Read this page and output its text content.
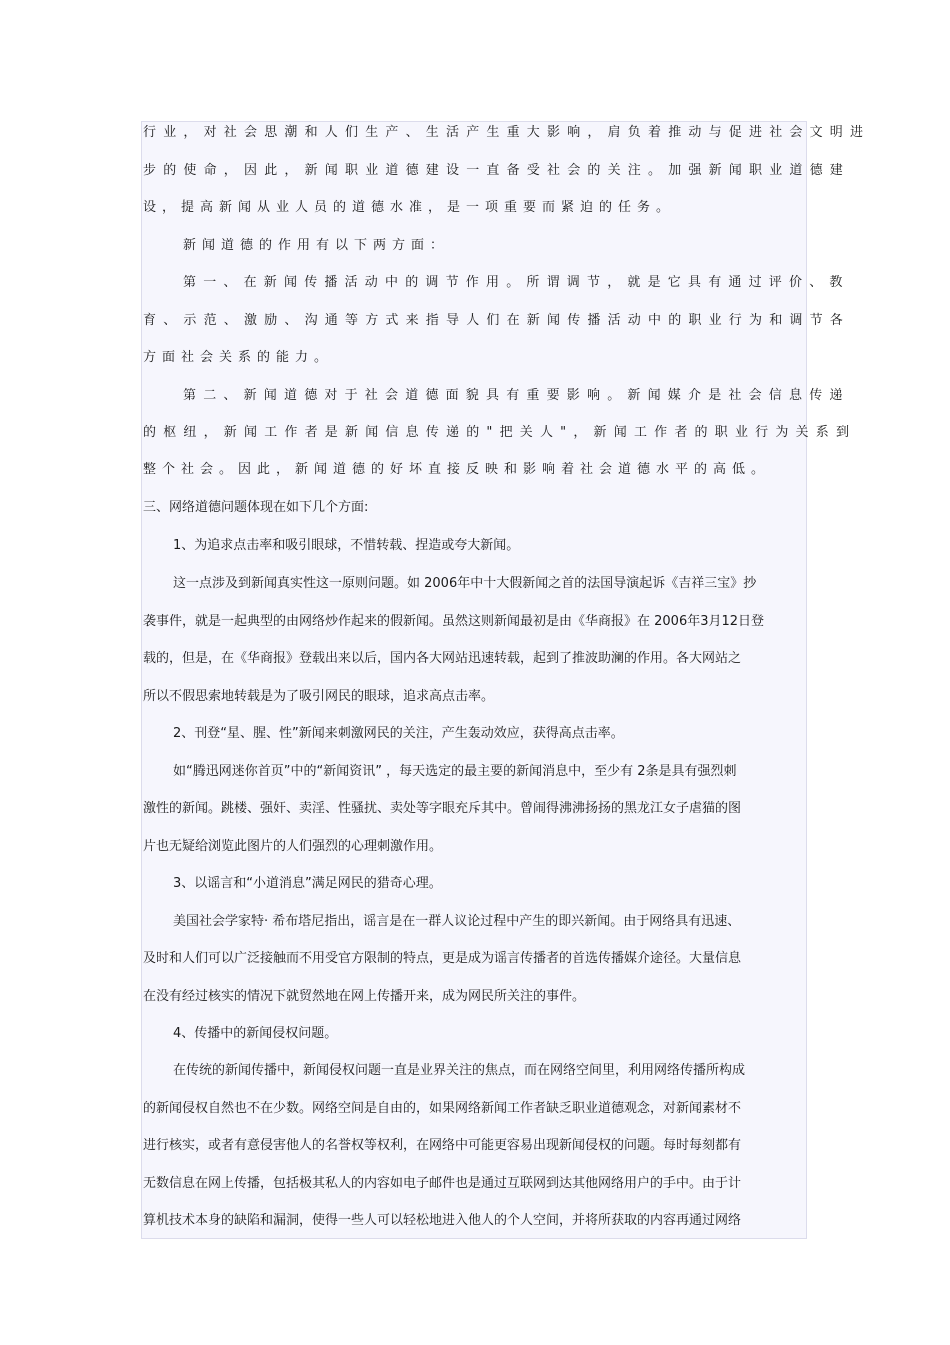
行业，对社会思潮和人们生产、生活产生重大影响，肩负着推动与促进社会文明进
步的使命，因此，新闻职业道德建设一直备受社会的关注。加强新闻职业道德建
设，提高新闻从业人员的道德水准，是一项重要而紧迫的任务。
新闻道德的作用有以下两方面：
第一、在新闻传播活动中的调节作用。所谓调节，就是它具有通过评价、教
育、示范、激励、沟通等方式来指导人们在新闻传播活动中的职业行为和调节各
方面社会关系的能力。
第二、新闻道德对于社会道德面貌具有重要影响。新闻媒介是社会信息传递
的枢纽，新闻工作者是新闻信息传递的"把关人"，新闻工作者的职业行为关系到
整个社会。因此，新闻道德的好坏直接反映和影响着社会道德水平的高低。
三、网络道德问题体现在如下几个方面:
1、为追求点击率和吸引眼球，不惜转载、捏造或夸大新闻。
这一点涉及到新闻真实性这一原则问题。如 2006年中十大假新闻之首的法国导演起诉《吉祥三宝》抄
袭事件，就是一起典型的由网络炒作起来的假新闻。虽然这则新闻最初是由《华商报》在 2006年3月12日登
载的，但是，在《华商报》登载出来以后，国内各大网站迅速转载，起到了推波助澜的作用。各大网站之
所以不假思索地转载是为了吸引网民的眼球，追求高点击率。
2、刊登“星、腥、性”新闻来刺激网民的关注，产生轰动效应，获得高点击率。
如“腾迅网迷你首页”中的“新闻资讯” ，每天选定的最主要的新闻消息中，至少有 2条是具有强烈刺
激性的新闻。跳楼、强奸、卖淫、性骚扰、卖处等字眼充斥其中。曾闹得沸沸扬扬的黑龙江女子虐猫的图
片也无疑给浏览此图片的人们强烈的心理刺激作用。
3、以谣言和“小道消息”满足网民的猎奇心理。
美国社会学家特· 希布塔尼指出，谣言是在一群人议论过程中产生的即兴新闻。由于网络具有迅速、
及时和人们可以广泛接触而不用受官方限制的特点，更是成为谣言传播者的首选传播媒介途径。大量信息
在没有经过核实的情况下就贸然地在网上传播开来，成为网民所关注的事件。
4、传播中的新闻侵权问题。
在传统的新闻传播中，新闻侵权问题一直是业界关注的焦点，而在网络空间里，利用网络传播所构成
的新闻侵权自然也不在少数。网络空间是自由的，如果网络新闻工作者缺乏职业道德观念，对新闻素材不
进行核实，或者有意侵害他人的名誉权等权利，在网络中可能更容易出现新闻侵权的问题。每时每刻都有
无数信息在网上传播，包括极其私人的内容如电子邮件也是通过互联网到达其他网络用户的手中。由于计
算机技术本身的缺陷和漏洞，使得一些人可以轻松地进入他人的个人空间，并将所获取的内容再通过网络
